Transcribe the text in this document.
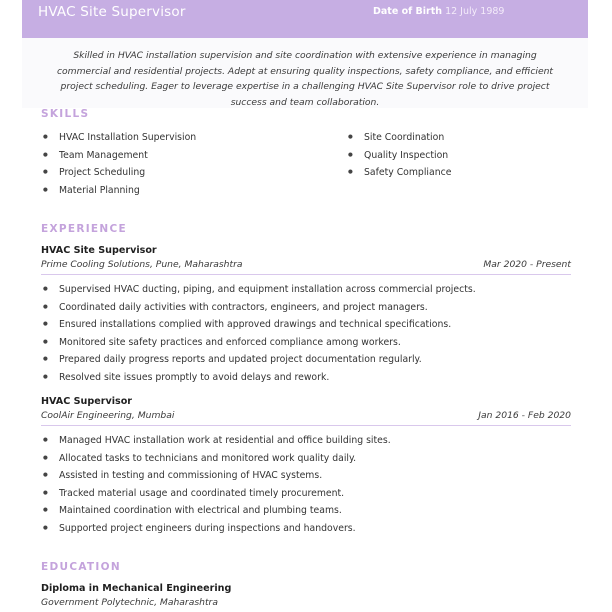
HVAC Site Supervisor	Date of Birth 12 July 1989
Skilled in HVAC installation supervision and site coordination with extensive experience in managing commercial and residential projects. Adept at ensuring quality inspections, safety compliance, and efficient project scheduling. Eager to leverage expertise in a challenging HVAC Site Supervisor role to drive project success and team collaboration.
SKILLS
● HVAC Installation Supervision
● Team Management
● Project Scheduling
● Material Planning
● Site Coordination
● Quality Inspection
● Safety Compliance
EXPERIENCE
HVAC Site Supervisor
Prime Cooling Solutions, Pune, Maharashtra	Mar 2020 - Present
● Supervised HVAC ducting, piping, and equipment installation across commercial projects.
● Coordinated daily activities with contractors, engineers, and project managers.
● Ensured installations complied with approved drawings and technical specifications.
● Monitored site safety practices and enforced compliance among workers.
● Prepared daily progress reports and updated project documentation regularly.
● Resolved site issues promptly to avoid delays and rework.
HVAC Supervisor
CoolAir Engineering, Mumbai	Jan 2016 - Feb 2020
● Managed HVAC installation work at residential and office building sites.
● Allocated tasks to technicians and monitored work quality daily.
● Assisted in testing and commissioning of HVAC systems.
● Tracked material usage and coordinated timely procurement.
● Maintained coordination with electrical and plumbing teams.
● Supported project engineers during inspections and handovers.
EDUCATION
Diploma in Mechanical Engineering
Government Polytechnic, Maharashtra
